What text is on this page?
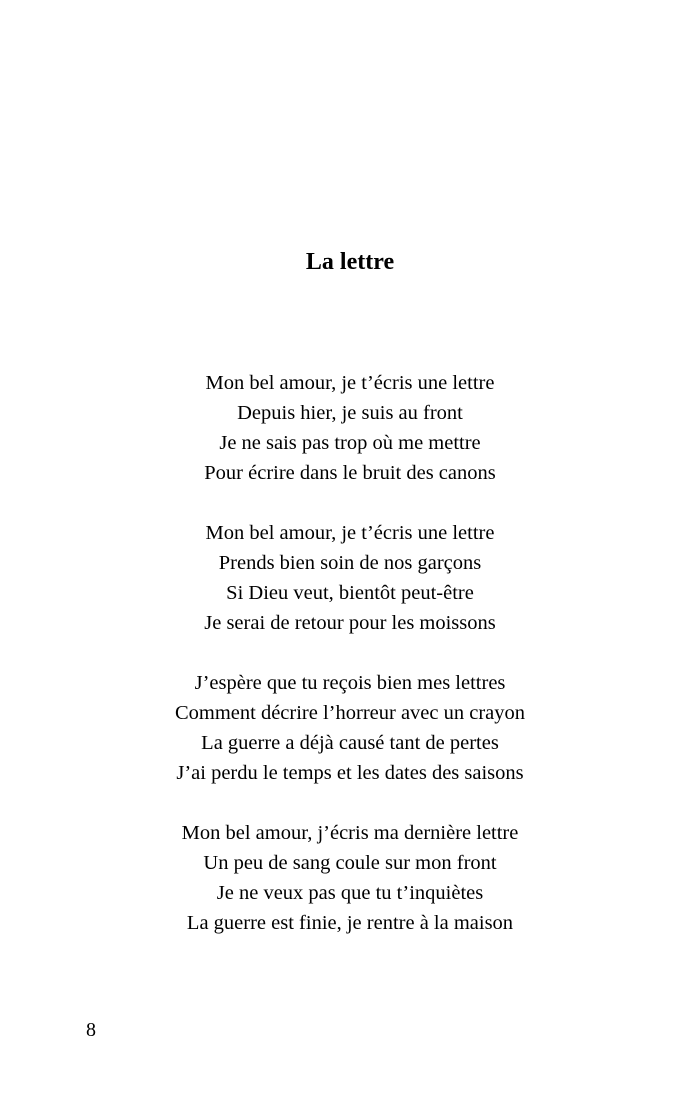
La lettre

Mon bel amour, je t’écris une lettre
Depuis hier, je suis au front
Je ne sais pas trop où me mettre
Pour écrire dans le bruit des canons

Mon bel amour, je t’écris une lettre
Prends bien soin de nos garçons
Si Dieu veut, bientôt peut-être
Je serai de retour pour les moissons

J’espère que tu reçois bien mes lettres
Comment décrire l’horreur avec un crayon
La guerre a déjà causé tant de pertes
J’ai perdu le temps et les dates des saisons

Mon bel amour, j’écris ma dernière lettre
Un peu de sang coule sur mon front
Je ne veux pas que tu t’inquiètes
La guerre est finie, je rentre à la maison

8
